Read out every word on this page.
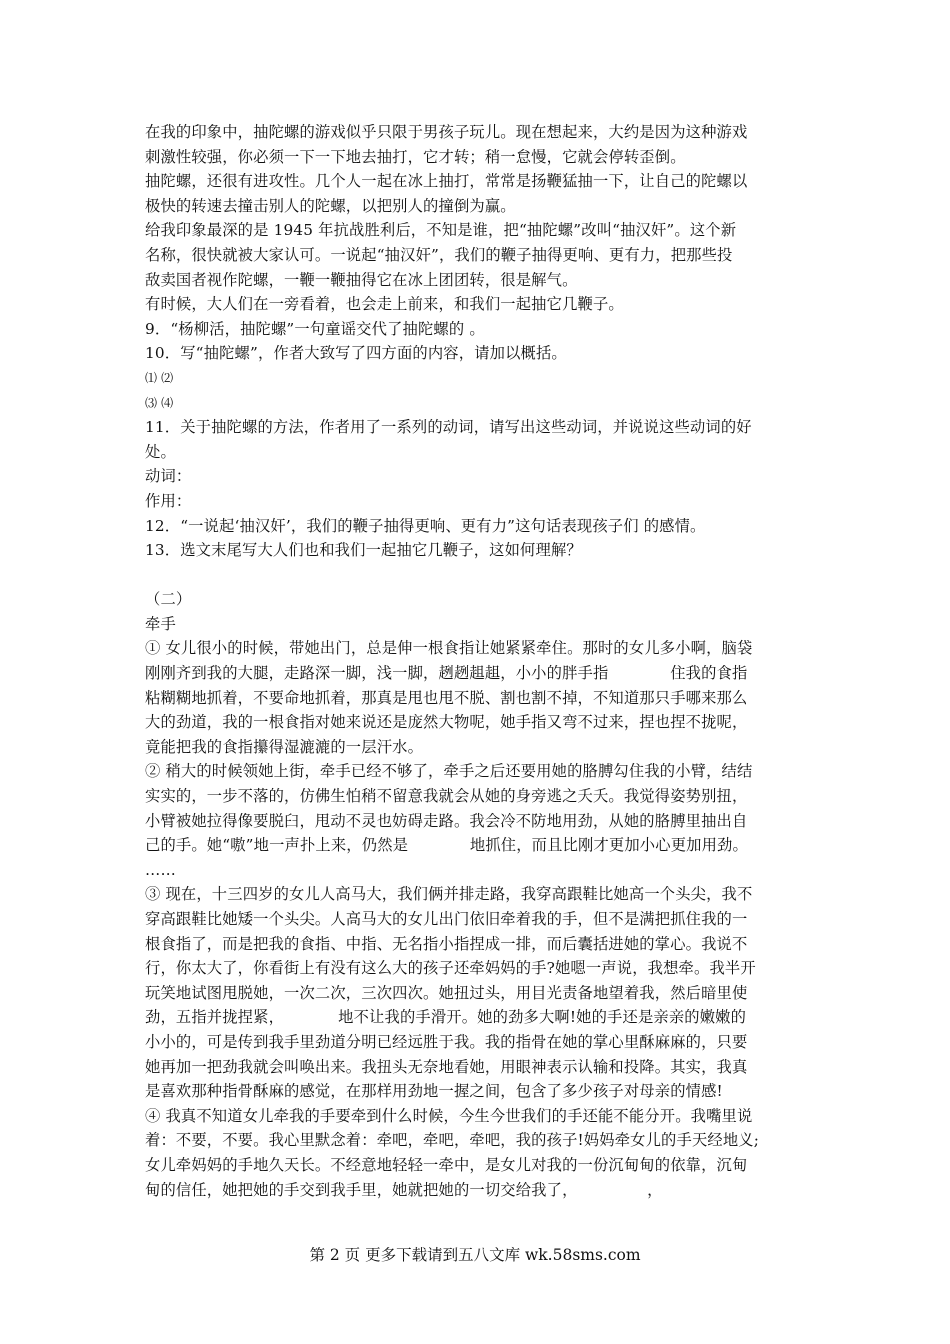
在我的印象中，抽陀螺的游戏似乎只限于男孩子玩儿。现在想起来，大约是因为这种游戏
刺激性较强，你必须一下一下地去抽打，它才转；稍一怠慢，它就会停转歪倒。
抽陀螺，还很有进攻性。几个人一起在冰上抽打，常常是扬鞭猛抽一下，让自己的陀螺以
极快的转速去撞击别人的陀螺，以把别人的撞倒为赢。
给我印象最深的是 1945 年抗战胜利后，不知是谁，把“抽陀螺”改叫“抽汉奸”。这个新
名称，很快就被大家认可。一说起“抽汉奸”，我们的鞭子抽得更响、更有力，把那些投
敌卖国者视作陀螺，一鞭一鞭抽得它在冰上团团转，很是解气。
有时候，大人们在一旁看着，也会走上前来，和我们一起抽它几鞭子。
9．“杨柳活，抽陀螺”一句童谣交代了抽陀螺的 。
10．写“抽陀螺”，作者大致写了四方面的内容，请加以概括。
⑴ ⑵
⑶ ⑷
11．关于抽陀螺的方法，作者用了一系列的动词，请写出这些动词，并说说这些动词的好
处。
动词：
作用：
12．“一说起‘抽汉奸’，我们的鞭子抽得更响、更有力”这句话表现孩子们 的感情。
13．选文末尾写大人们也和我们一起抽它几鞭子，这如何理解？
（二）
牵手
① 女儿很小的时候，带她出门，总是伸一根食指让她紧紧牵住。那时的女儿多小啊，脑袋
刚刚齐到我的大腿，走路深一脚，浅一脚，趔趔趄趄，小小的胖手指　　　　住我的食指
粘糊糊地抓着，不要命地抓着，那真是甩也甩不脱、割也割不掉，不知道那只手哪来那么
大的劲道，我的一根食指对她来说还是庞然大物呢，她手指又弯不过来，捏也捏不拢呢，
竟能把我的食指攥得湿漉漉的一层汗水。
② 稍大的时候领她上街，牵手已经不够了，牵手之后还要用她的胳膊勾住我的小臂，结结
实实的，一步不落的，仿佛生怕稍不留意我就会从她的身旁逃之夭夭。我觉得姿势别扭，
小臂被她拉得像要脱臼，甩动不灵也妨碍走路。我会冷不防地用劲，从她的胳膊里抽出自
己的手。她“嗷”地一声扑上来，仍然是　　　　地抓住，而且比刚才更加小心更加用劲。
……
③ 现在，十三四岁的女儿人高马大，我们俩并排走路，我穿高跟鞋比她高一个头尖，我不
穿高跟鞋比她矮一个头尖。人高马大的女儿出门依旧牵着我的手，但不是满把抓住我的一
根食指了，而是把我的食指、中指、无名指小指捏成一排，而后囊括进她的掌心。我说不
行，你太大了，你看街上有没有这么大的孩子还牵妈妈的手?她嗯一声说，我想牵。我半开
玩笑地试图甩脱她，一次二次，三次四次。她扭过头，用目光责备地望着我，然后暗里使
劲，五指并拢捏紧，　　　　地不让我的手滑开。她的劲多大啊!她的手还是亲亲的嫩嫩的
小小的，可是传到我手里劲道分明已经远胜于我。我的指骨在她的掌心里酥麻麻的，只要
她再加一把劲我就会叫唤出来。我扭头无奈地看她，用眼神表示认输和投降。其实，我真
是喜欢那种指骨酥麻的感觉，在那样用劲地一握之间，包含了多少孩子对母亲的情感!
④ 我真不知道女儿牵我的手要牵到什么时候，今生今世我们的手还能不能分开。我嘴里说
着：不要，不要。我心里默念着：牵吧，牵吧，牵吧，我的孩子!妈妈牵女儿的手天经地义;
女儿牵妈妈的手地久天长。不经意地轻轻一牵中，是女儿对我的一份沉甸甸的依靠，沉甸
甸的信任，她把她的手交到我手里，她就把她的一切交给我了，　　　　　，
第 2 页 更多下载请到五八文库 wk.58sms.com
